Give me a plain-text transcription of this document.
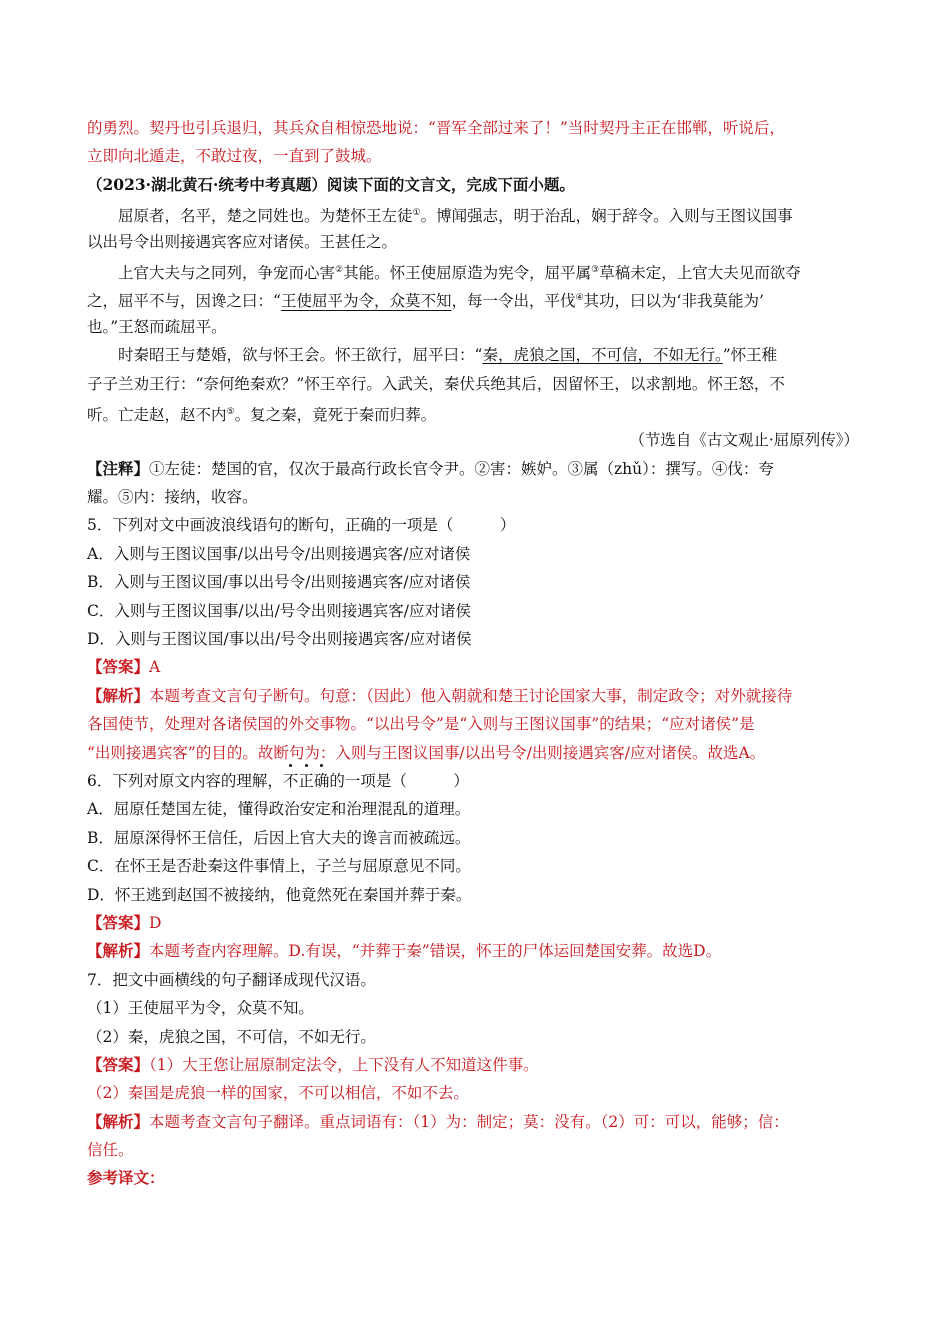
的勇烈。契丹也引兵退归，其兵众自相惊恐地说：“晋军全部过来了！”当时契丹主正在邯郸，听说后，
立即向北遁走，不敢过夜，一直到了鼓城。
（2023·湖北黄石·统考中考真题）阅读下面的文言文，完成下面小题。
屈原者，名平，楚之同姓也。为楚怀王左徒①。博闻强志，明于治乱，娴于辞令。入则与王图议国事
以出号令出则接遇宾客应对诸侯。王甚任之。
上官大夫与之同列，争宠而心害②其能。怀王使屈原造为宪令，屈平属③草稿未定，上官大夫见而欲夺
之，屈平不与，因谗之曰：“王使屈平为令，众莫不知，每一令出，平伐④其功，曰以为‘非我莫能为’
也。”王怒而疏屈平。
时秦昭王与楚婚，欲与怀王会。怀王欲行，屈平曰：“秦，虎狼之国，不可信，不如无行。”怀王稚
子子兰劝王行：“奈何绝秦欢？”怀王卒行。入武关，秦伏兵绝其后，因留怀王，以求割地。怀王怒，不
听。亡走赵，赵不内⑤。复之秦，竟死于秦而归葬。
（节选自《古文观止·屈原列传》）
【注释】①左徒：楚国的官，仅次于最高行政长官令尹。②害：嫉妒。③属（zhǔ）：撰写。④伐：夸
耀。⑤内：接纳，收容。
5．下列对文中画波浪线语句的断句，正确的一项是（　　　）
A．入则与王图议国事/以出号令/出则接遇宾客/应对诸侯
B．入则与王图议国/事以出号令/出则接遇宾客/应对诸侯
C．入则与王图议国事/以出/号令出则接遇宾客/应对诸侯
D．入则与王图议国/事以出/号令出则接遇宾客/应对诸侯
【答案】A
【解析】本题考查文言句子断句。句意：（因此）他入朝就和楚王讨论国家大事，制定政令；对外就接待
各国使节，处理对各诸侯国的外交事物。“以出号令”是“入则与王图议国事”的结果；“应对诸侯”是
“出则接遇宾客”的目的。故断句为：入则与王图议国事/以出号令/出则接遇宾客/应对诸侯。故选A。
6．下列对原文内容的理解，不正确的一项是（　　　）
A．屈原任楚国左徒，懂得政治安定和治理混乱的道理。
B．屈原深得怀王信任，后因上官大夫的谗言而被疏远。
C．在怀王是否赴秦这件事情上，子兰与屈原意见不同。
D．怀王逃到赵国不被接纳，他竟然死在秦国并葬于秦。
【答案】D
【解析】本题考查内容理解。D.有误，“并葬于秦”错误，怀王的尸体运回楚国安葬。故选D。
7．把文中画横线的句子翻译成现代汉语。
（1）王使屈平为令，众莫不知。
（2）秦，虎狼之国，不可信，不如无行。
【答案】（1）大王您让屈原制定法令，上下没有人不知道这件事。
（2）秦国是虎狼一样的国家，不可以相信，不如不去。
【解析】本题考查文言句子翻译。重点词语有：（1）为：制定；莫：没有。（2）可：可以，能够；信：
信任。
参考译文：
